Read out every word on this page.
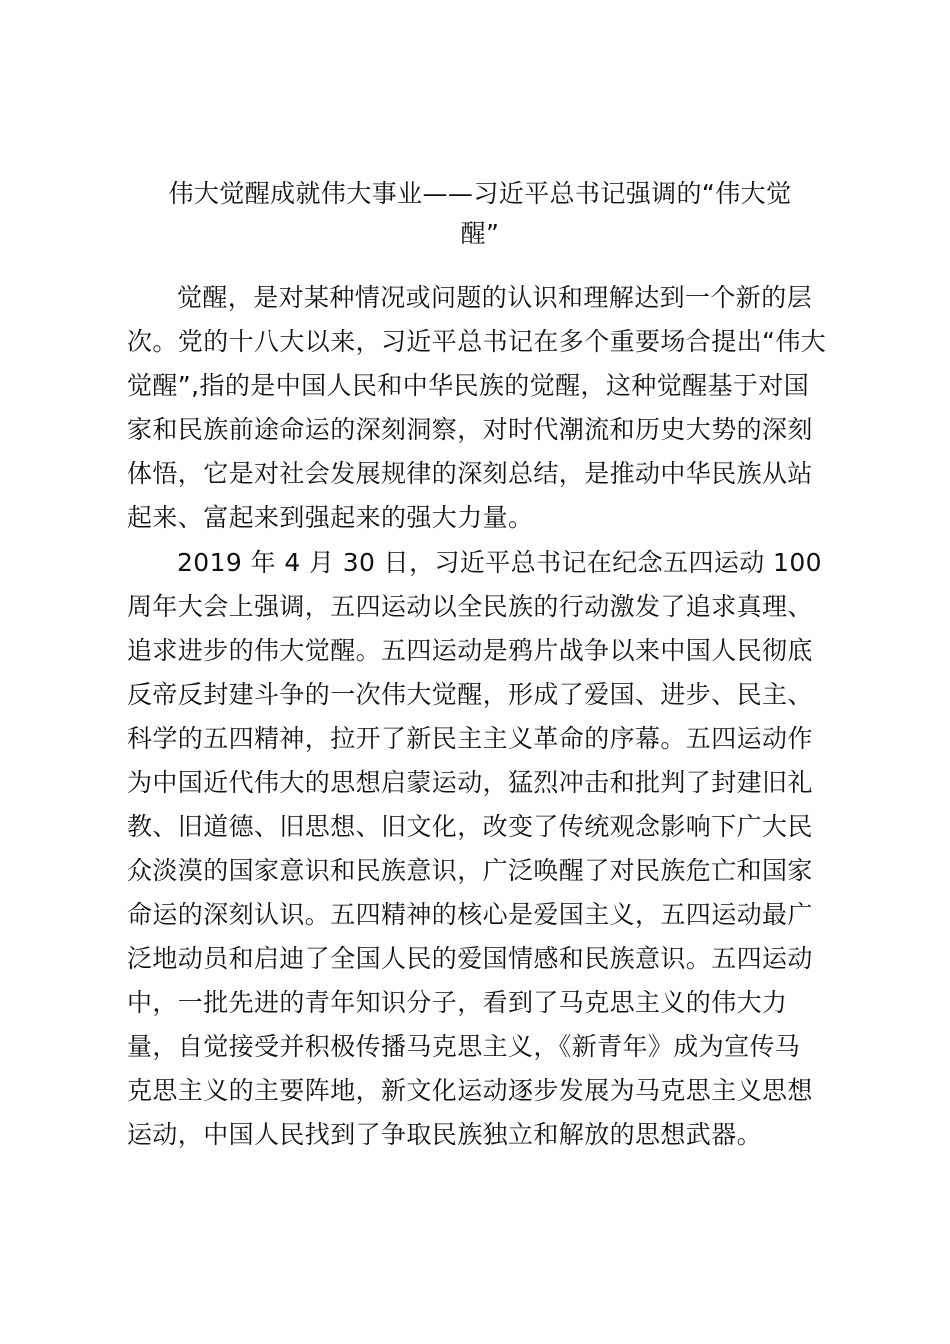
伟大觉醒成就伟大事业——习近平总书记强调的“伟大觉
醒”
觉醒，是对某种情况或问题的认识和理解达到一个新的层
次。党的十八大以来，习近平总书记在多个重要场合提出“伟大
觉醒”,指的是中国人民和中华民族的觉醒，这种觉醒基于对国
家和民族前途命运的深刻洞察，对时代潮流和历史大势的深刻
体悟，它是对社会发展规律的深刻总结，是推动中华民族从站
起来、富起来到强起来的强大力量。
2019 年 4 月 30 日，习近平总书记在纪念五四运动 100
周年大会上强调，五四运动以全民族的行动激发了追求真理、
追求进步的伟大觉醒。五四运动是鸦片战争以来中国人民彻底
反帝反封建斗争的一次伟大觉醒，形成了爱国、进步、民主、
科学的五四精神，拉开了新民主主义革命的序幕。五四运动作
为中国近代伟大的思想启蒙运动，猛烈冲击和批判了封建旧礼
教、旧道德、旧思想、旧文化，改变了传统观念影响下广大民
众淡漠的国家意识和民族意识，广泛唤醒了对民族危亡和国家
命运的深刻认识。五四精神的核心是爱国主义，五四运动最广
泛地动员和启迪了全国人民的爱国情感和民族意识。五四运动
中，一批先进的青年知识分子，看到了马克思主义的伟大力
量，自觉接受并积极传播马克思主义，《新青年》成为宣传马
克思主义的主要阵地，新文化运动逐步发展为马克思主义思想
运动，中国人民找到了争取民族独立和解放的思想武器。
